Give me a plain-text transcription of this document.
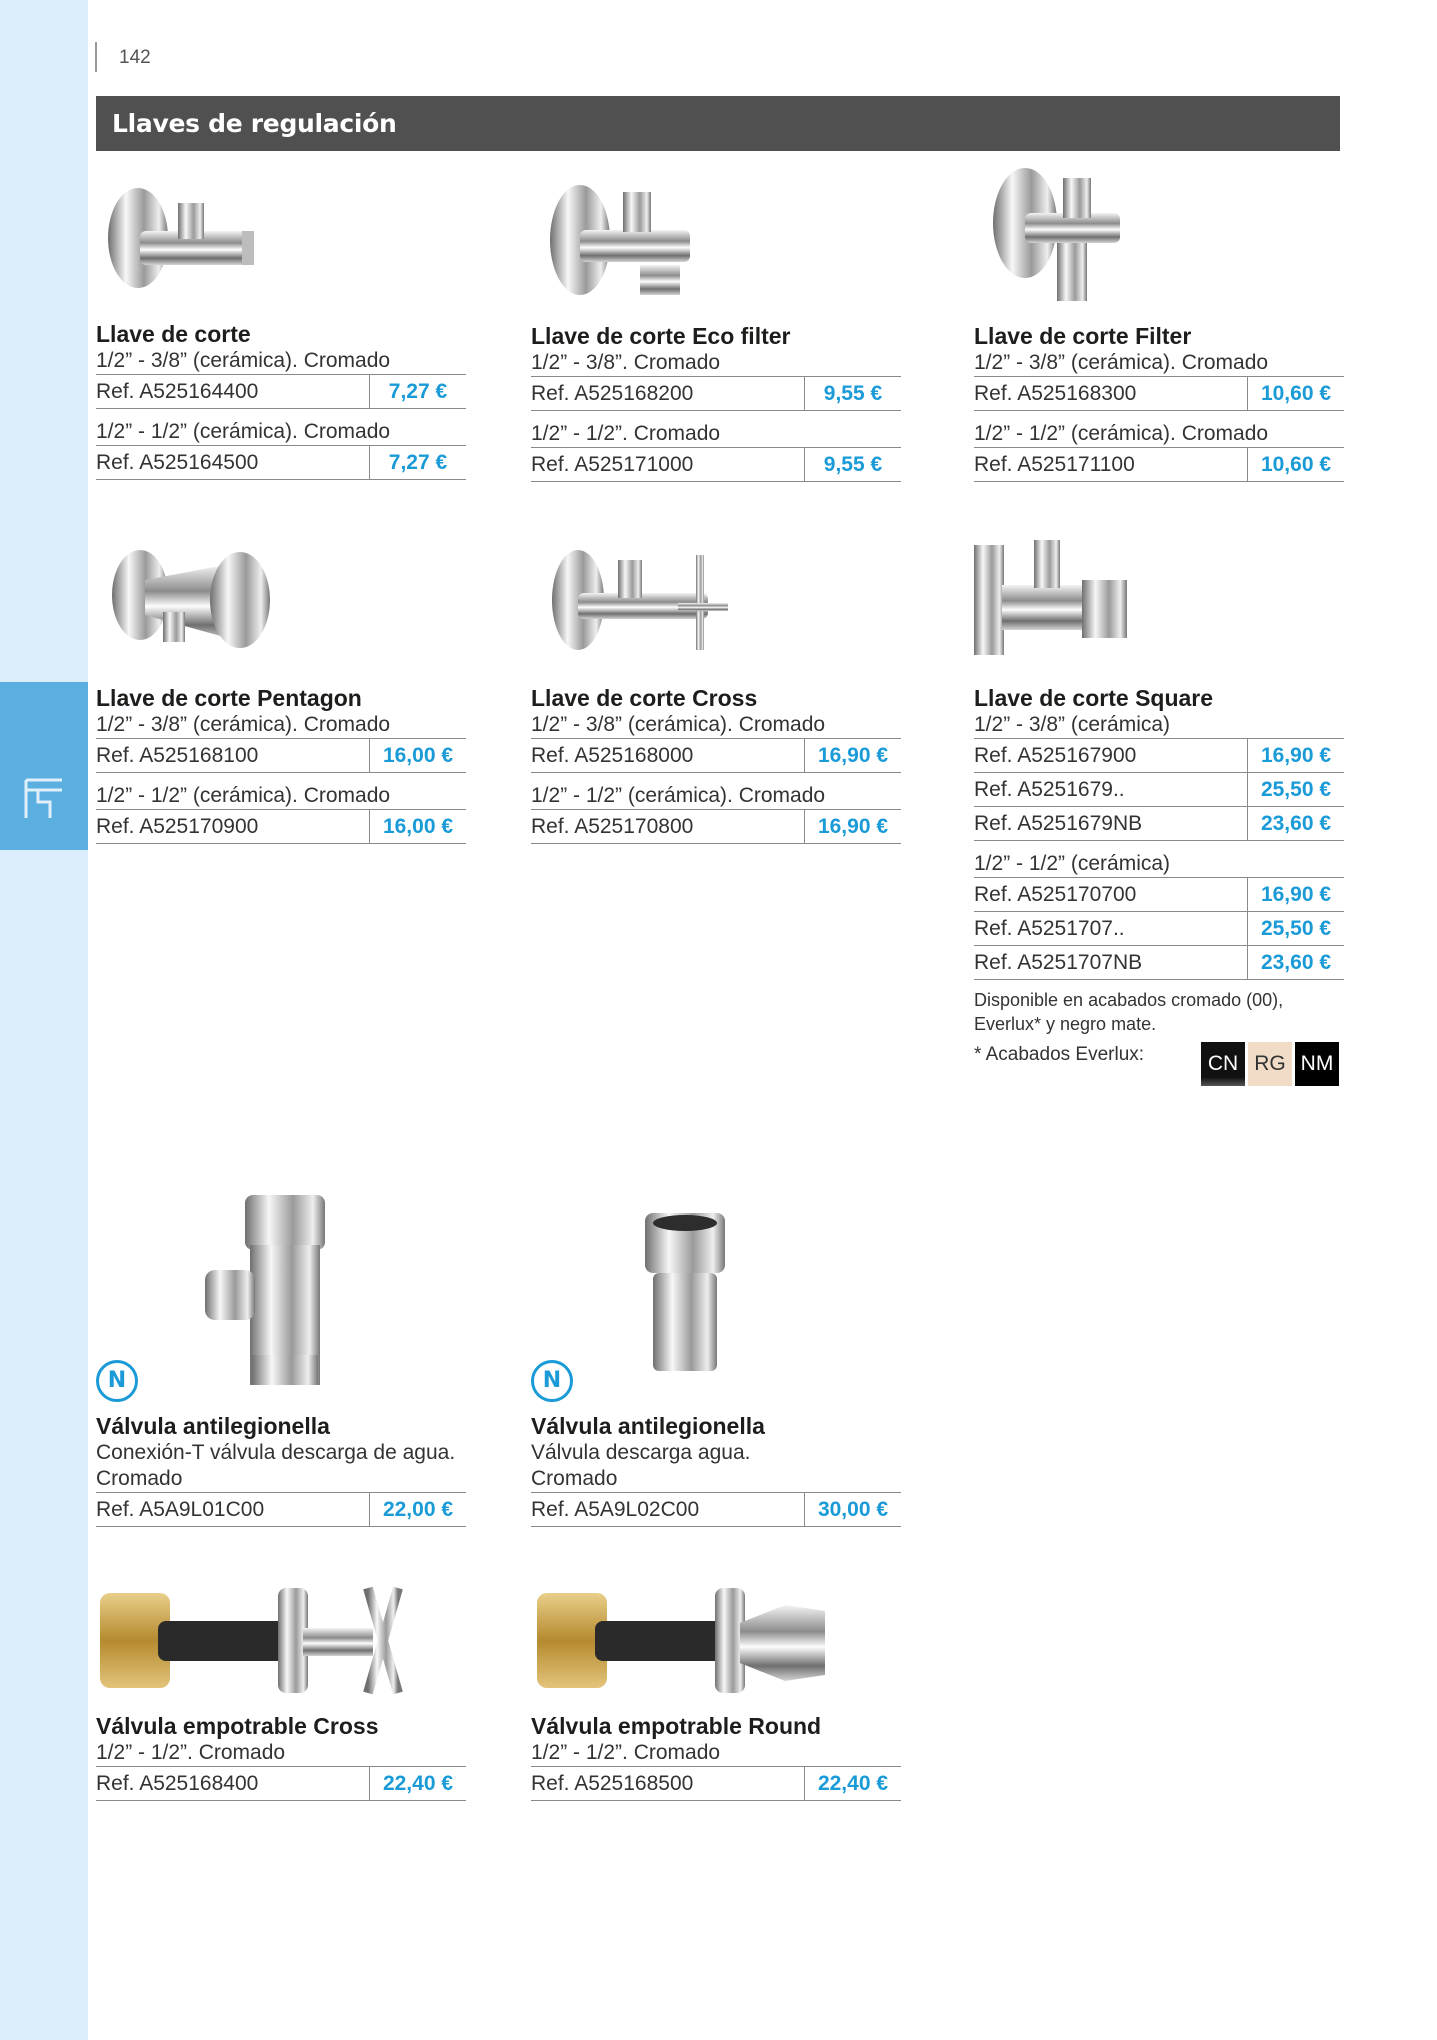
142
Llaves de regulación

Llave de corte

1/2” - 3/8” (cerámica). Cromado

Ref. A525164400	7,27 €

1/2” - 1/2” (cerámica). Cromado

Ref. A525164500	7,27 €

Llave de corte Eco filter

1/2” - 3/8”. Cromado

Ref. A525168200	9,55 €

1/2” - 1/2”. Cromado

Ref. A525171000	9,55 €

Llave de corte Filter

1/2” - 3/8” (cerámica). Cromado

Ref. A525168300	10,60 €

1/2” - 1/2” (cerámica). Cromado

Ref. A525171100	10,60 €

Llave de corte Pentagon

1/2” - 3/8” (cerámica). Cromado

Ref. A525168100	16,00 €

1/2” - 1/2” (cerámica). Cromado

Ref. A525170900	16,00 €

Llave de corte Cross

1/2” - 3/8” (cerámica). Cromado

Ref. A525168000	16,90 €

1/2” - 1/2” (cerámica). Cromado

Ref. A525170800	16,90 €

Llave de corte Square

1/2” - 3/8” (cerámica)

Ref. A525167900	16,90 €
Ref. A5251679..	25,50 €
Ref. A5251679NB	23,60 €

1/2” - 1/2” (cerámica)

Ref. A525170700	16,90 €
Ref. A5251707..	25,50 €
Ref. A5251707NB	23,60 €

Disponible en acabados cromado (00),
Everlux* y negro mate.

* Acabados Everlux:	CN RG NM
N

Válvula antilegionella

Conexión-T válvula descarga de agua.

Cromado

Ref. A5A9L01C00	22,00 €
N

Válvula antilegionella

Válvula descarga agua.

Cromado

Ref. A5A9L02C00	30,00 €

Válvula empotrable Cross

1/2” - 1/2”. Cromado

Ref. A525168400	22,40 €

Válvula empotrable Round

1/2” - 1/2”. Cromado

Ref. A525168500	22,40 €
